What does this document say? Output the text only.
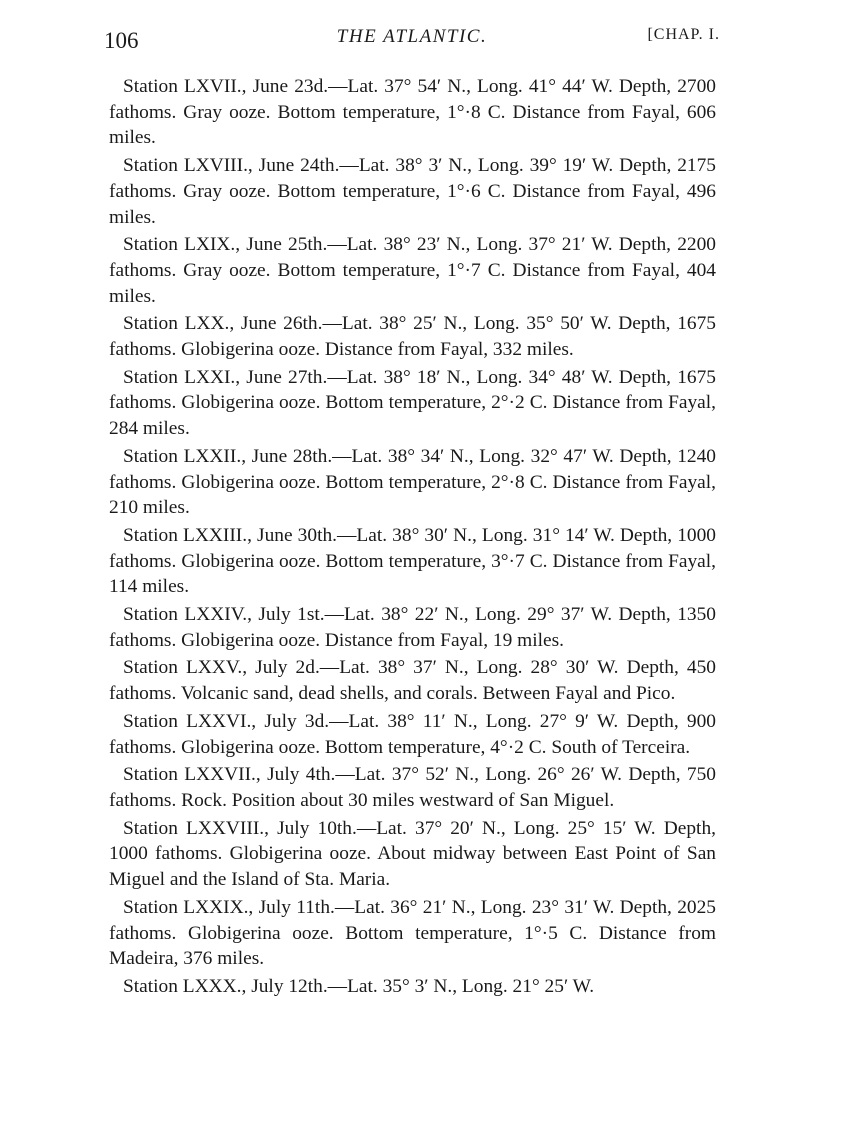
106	THE ATLANTIC.	[CHAP. I.

Station LXVII., June 23d.—Lat. 37° 54′ N., Long. 41° 44′ W. Depth, 2700 fathoms. Gray ooze. Bottom temperature, 1°·8 C. Distance from Fayal, 606 miles.

Station LXVIII., June 24th.—Lat. 38° 3′ N., Long. 39° 19′ W. Depth, 2175 fathoms. Gray ooze. Bottom temperature, 1°·6 C. Distance from Fayal, 496 miles.

Station LXIX., June 25th.—Lat. 38° 23′ N., Long. 37° 21′ W. Depth, 2200 fathoms. Gray ooze. Bottom temperature, 1°·7 C. Distance from Fayal, 404 miles.

Station LXX., June 26th.—Lat. 38° 25′ N., Long. 35° 50′ W. Depth, 1675 fathoms. Globigerina ooze. Distance from Fayal, 332 miles.

Station LXXI., June 27th.—Lat. 38° 18′ N., Long. 34° 48′ W. Depth, 1675 fathoms. Globigerina ooze. Bottom temperature, 2°·2 C. Distance from Fayal, 284 miles.

Station LXXII., June 28th.—Lat. 38° 34′ N., Long. 32° 47′ W. Depth, 1240 fathoms. Globigerina ooze. Bottom temperature, 2°·8 C. Distance from Fayal, 210 miles.

Station LXXIII., June 30th.—Lat. 38° 30′ N., Long. 31° 14′ W. Depth, 1000 fathoms. Globigerina ooze. Bottom temperature, 3°·7 C. Distance from Fayal, 114 miles.

Station LXXIV., July 1st.—Lat. 38° 22′ N., Long. 29° 37′ W. Depth, 1350 fathoms. Globigerina ooze. Distance from Fayal, 19 miles.

Station LXXV., July 2d.—Lat. 38° 37′ N., Long. 28° 30′ W. Depth, 450 fathoms. Volcanic sand, dead shells, and corals. Between Fayal and Pico.

Station LXXVI., July 3d.—Lat. 38° 11′ N., Long. 27° 9′ W. Depth, 900 fathoms. Globigerina ooze. Bottom temperature, 4°·2 C. South of Terceira.

Station LXXVII., July 4th.—Lat. 37° 52′ N., Long. 26° 26′ W. Depth, 750 fathoms. Rock. Position about 30 miles westward of San Miguel.

Station LXXVIII., July 10th.—Lat. 37° 20′ N., Long. 25° 15′ W. Depth, 1000 fathoms. Globigerina ooze. About midway between East Point of San Miguel and the Island of Sta. Maria.

Station LXXIX., July 11th.—Lat. 36° 21′ N., Long. 23° 31′ W. Depth, 2025 fathoms. Globigerina ooze. Bottom temperature, 1°·5 C. Distance from Madeira, 376 miles.

Station LXXX., July 12th.—Lat. 35° 3′ N., Long. 21° 25′ W.
